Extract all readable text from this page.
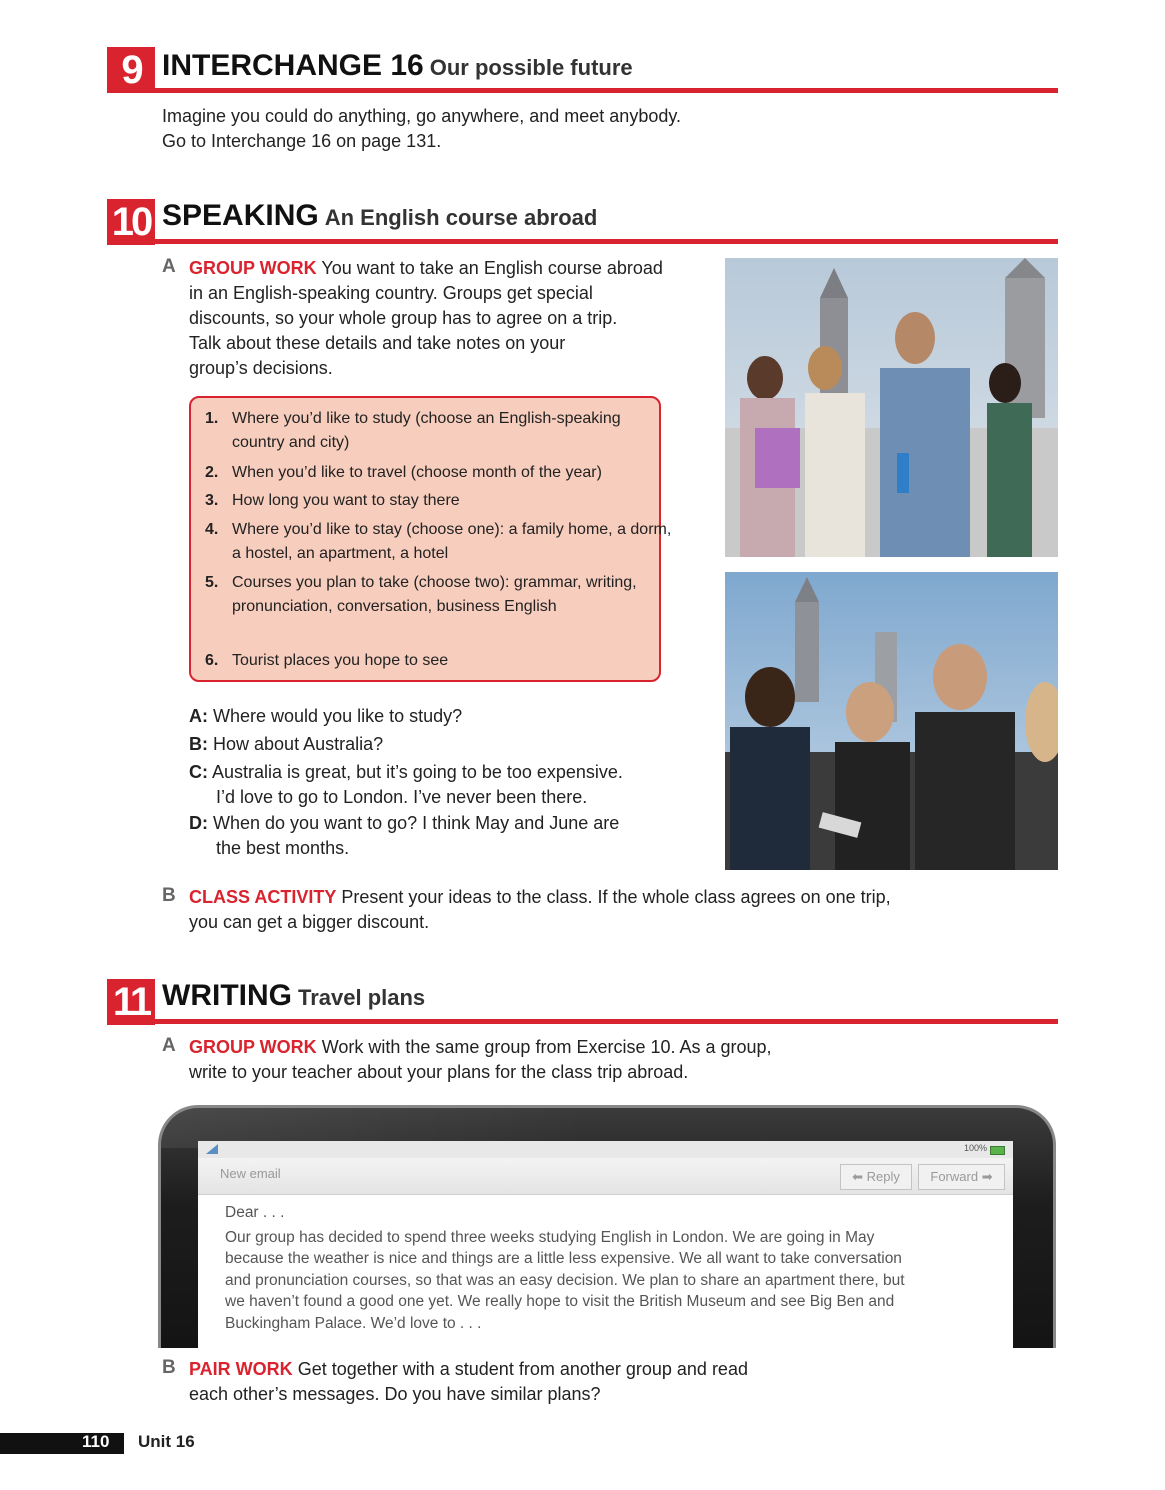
9 INTERCHANGE 16 Our possible future
Imagine you could do anything, go anywhere, and meet anybody.
Go to Interchange 16 on page 131.
10 SPEAKING An English course abroad
A GROUP WORK You want to take an English course abroad
in an English-speaking country. Groups get special
discounts, so your whole group has to agree on a trip.
Talk about these details and take notes on your
group’s decisions.
1. Where you’d like to study (choose an English-speaking country and city)
2. When you’d like to travel (choose month of the year)
3. How long you want to stay there
4. Where you’d like to stay (choose one): a family home, a dorm, a hostel, an apartment, a hotel
5. Courses you plan to take (choose two): grammar, writing, pronunciation, conversation, business English
6. Tourist places you hope to see
A: Where would you like to study?
B: How about Australia?
C: Australia is great, but it’s going to be too expensive.
I’d love to go to London. I’ve never been there.
D: When do you want to go? I think May and June are
the best months.
B CLASS ACTIVITY Present your ideas to the class. If the whole class agrees on one trip,
you can get a bigger discount.
11 WRITING Travel plans
A GROUP WORK Work with the same group from Exercise 10. As a group,
write to your teacher about your plans for the class trip abroad.
100%
New email	⬅ Reply	Forward ➡
Dear . . .
Our group has decided to spend three weeks studying English in London. We are going in May
because the weather is nice and things are a little less expensive. We all want to take conversation
and pronunciation courses, so that was an easy decision. We plan to share an apartment there, but
we haven’t found a good one yet. We really hope to visit the British Museum and see Big Ben and
Buckingham Palace. We’d love to . . .
B PAIR WORK Get together with a student from another group and read
each other’s messages. Do you have similar plans?
110 Unit 16
